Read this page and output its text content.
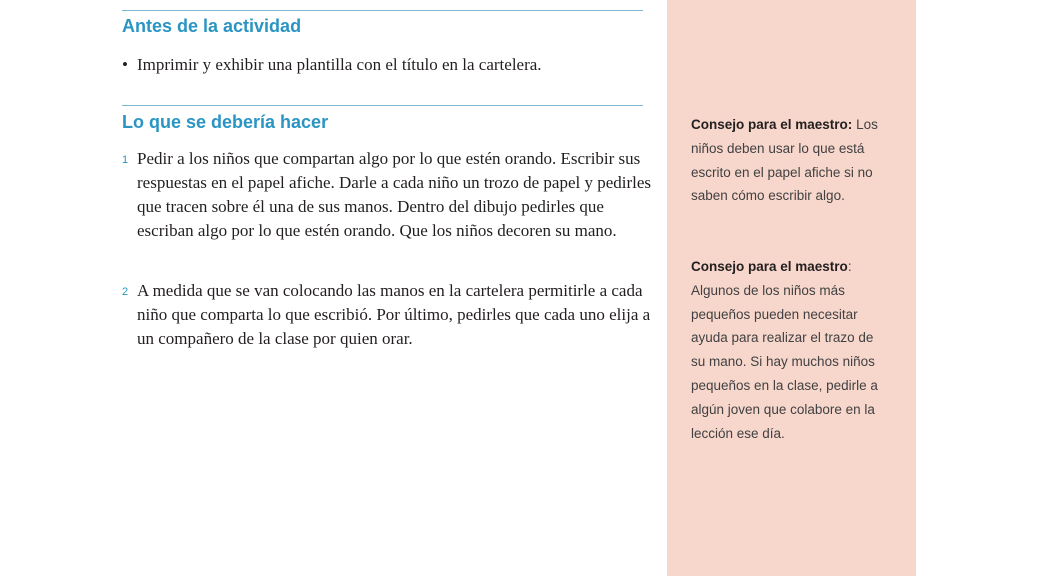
Antes de la actividad
• Imprimir y exhibir una plantilla con el título en la cartelera.
Lo que se debería hacer
1 Pedir a los niños que compartan algo por lo que estén orando. Escribir sus respuestas en el papel afiche. Darle a cada niño un trozo de papel y pedirles que tracen sobre él una de sus manos. Dentro del dibujo pedirles que escriban algo por lo que estén orando. Que los niños decoren su mano.
2 A medida que se van colocando las manos en la cartelera permitirle a cada niño que comparta lo que escribió. Por último, pedirles que cada uno elija a un compañero de la clase por quien orar.
Consejo para el maestro: Los niños deben usar lo que está escrito en el papel afiche si no saben cómo escribir algo.
Consejo para el maestro: Algunos de los niños más pequeños pueden necesitar ayuda para realizar el trazo de su mano. Si hay muchos niños pequeños en la clase, pedirle a algún joven que colabore en la lección ese día.
